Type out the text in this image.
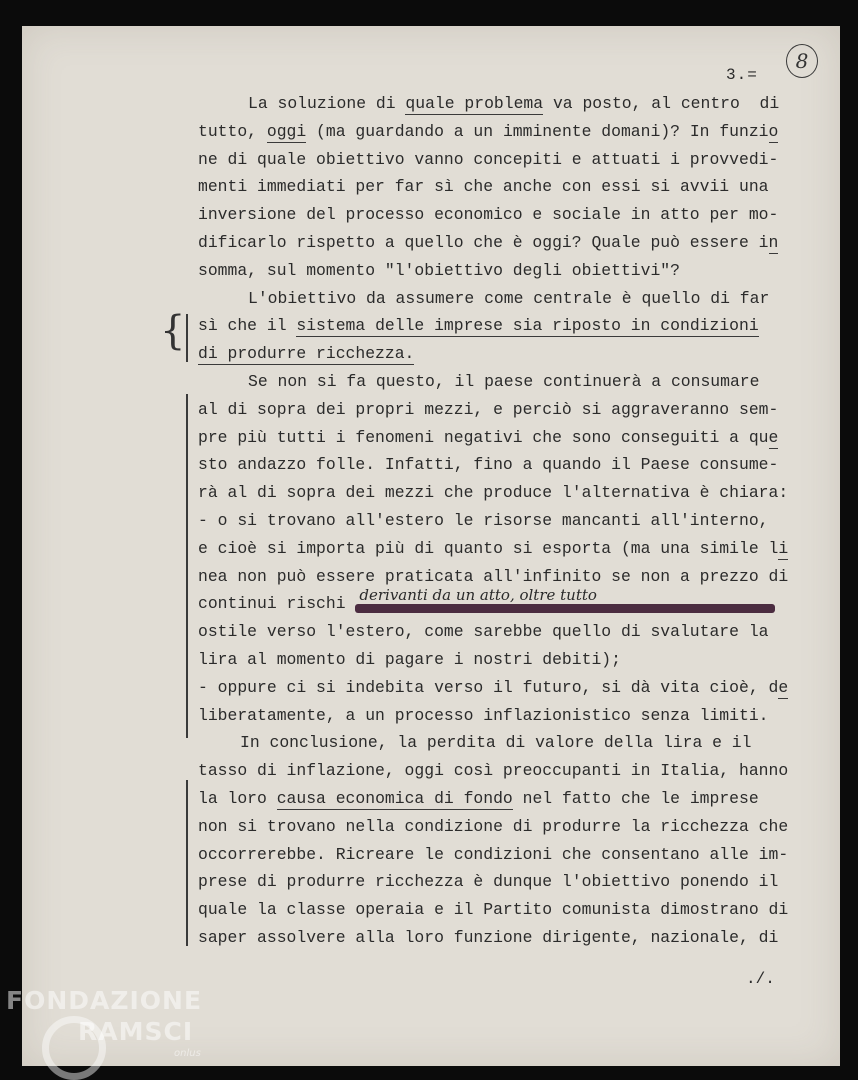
3.=
8
La soluzione di quale problema va posto, al centro  di
tutto, oggi (ma guardando a un imminente domani)? In funzio
ne di quale obiettivo vanno concepiti e attuati i provvedi-
menti immediati per far sì che anche con essi si avvii una
inversione del processo economico e sociale in atto per mo-
dificarlo rispetto a quello che è oggi? Quale può essere in
somma, sul momento "l'obiettivo degli obiettivi"?
L'obiettivo da assumere come centrale è quello di far
sì che il sistema delle imprese sia riposto in condizioni
di produrre ricchezza.
Se non si fa questo, il paese continuerà a consumare
al di sopra dei propri mezzi, e perciò si aggraveranno sem-
pre più tutti i fenomeni negativi che sono conseguiti a que
sto andazzo folle. Infatti, fino a quando il Paese consume-
rà al di sopra dei mezzi che produce l'alternativa è chiara:
- o si trovano all'estero le risorse mancanti all'interno,
e cioè si importa più di quanto si esporta (ma una simile li
nea non può essere praticata all'infinito se non a prezzo di
continui rischi derivanti da un atto, oltre tutto
ostile verso l'estero, come sarebbe quello di svalutare la
lira al momento di pagare i nostri debiti);
- oppure ci si indebita verso il futuro, si dà vita cioè, de
liberatamente, a un processo inflazionistico senza limiti.
In conclusione, la perdita di valore della lira e il
tasso di inflazione, oggi così preoccupanti in Italia, hanno
la loro causa economica di fondo nel fatto che le imprese
non si trovano nella condizione di produrre la ricchezza che
occorrerebbe. Ricreare le condizioni che consentano alle im-
prese di produrre ricchezza è dunque l'obiettivo ponendo il
quale la classe operaia e il Partito comunista dimostrano di
saper assolvere alla loro funzione dirigente, nazionale, di
{
./.
FONDAZIONE
RAMSCI
onlus
